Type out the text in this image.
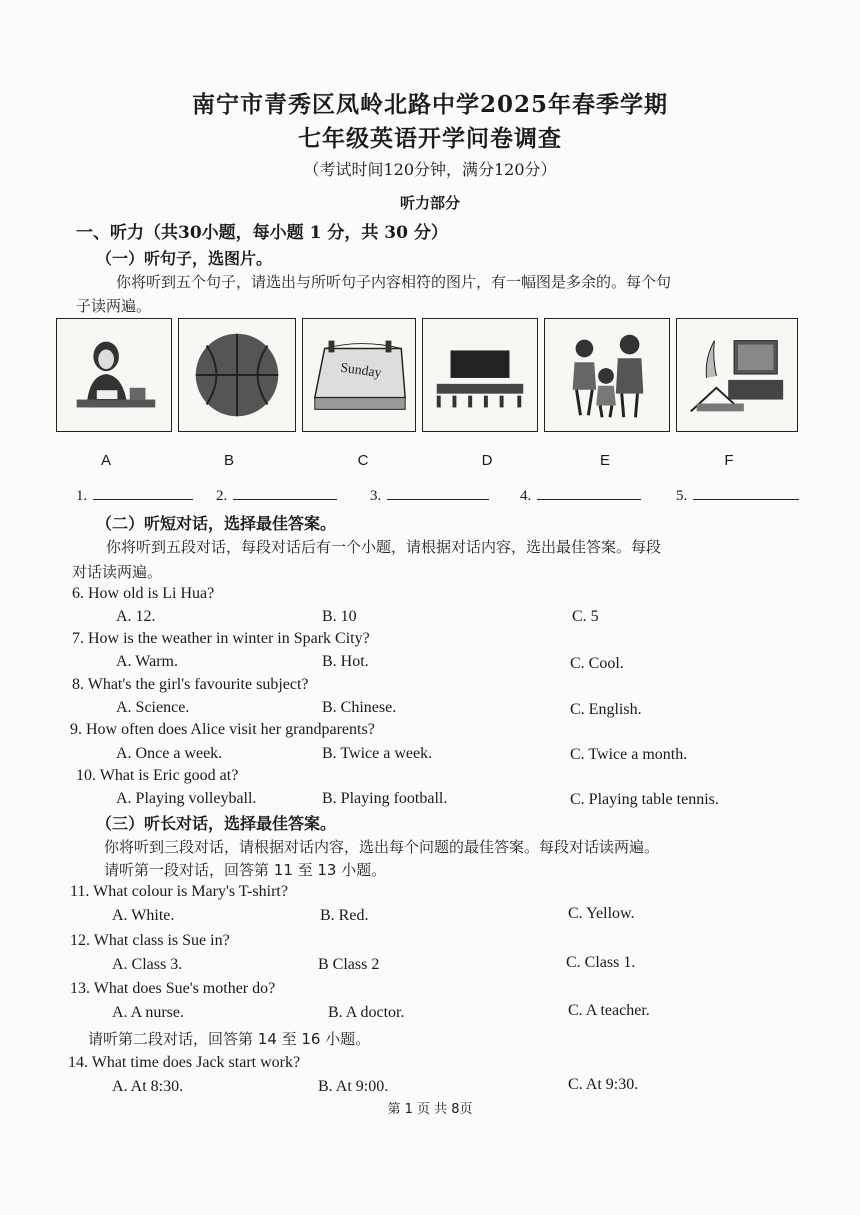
南宁市青秀区凤岭北路中学2025年春季学期
七年级英语开学问卷调查
（考试时间120分钟，满分120分）
听力部分
一、听力（共30小题，每小题 1 分，共 30 分）
（一）听句子，选图片。
你将听到五个句子，请选出与所听句子内容相符的图片，有一幅图是多余的。每个句
子读两遍。
Sunday
A	B	C	D	E	F
1.	2.	3.	4.	5.
（二）听短对话，选择最佳答案。
你将听到五段对话，每段对话后有一个小题，请根据对话内容，选出最佳答案。每段
对话读两遍。
6. How old is Li Hua?
A. 12.	B. 10	C. 5
7. How is the weather in winter in Spark City?
A. Warm.	B. Hot.	C. Cool.
8. What's the girl's favourite subject?
A. Science.	B. Chinese.	C. English.
9. How often does Alice visit her grandparents?
A. Once a week.	B. Twice a week.	C. Twice a month.
10. What is Eric good at?
A. Playing volleyball.	B. Playing football.	C. Playing table tennis.
（三）听长对话，选择最佳答案。
你将听到三段对话，请根据对话内容，选出每个问题的最佳答案。每段对话读两遍。
请听第一段对话，回答第 11 至 13 小题。
11. What colour is Mary's T-shirt?
A. White.	B. Red.	C. Yellow.
12. What class is Sue in?
A. Class 3.	B Class 2	C. Class 1.
13. What does Sue's mother do?
A. A nurse.	B. A doctor.	C. A teacher.
请听第二段对话，回答第 14 至 16 小题。
14. What time does Jack start work?
A. At 8:30.	B. At 9:00.	C. At 9:30.
第 1 页 共 8页
